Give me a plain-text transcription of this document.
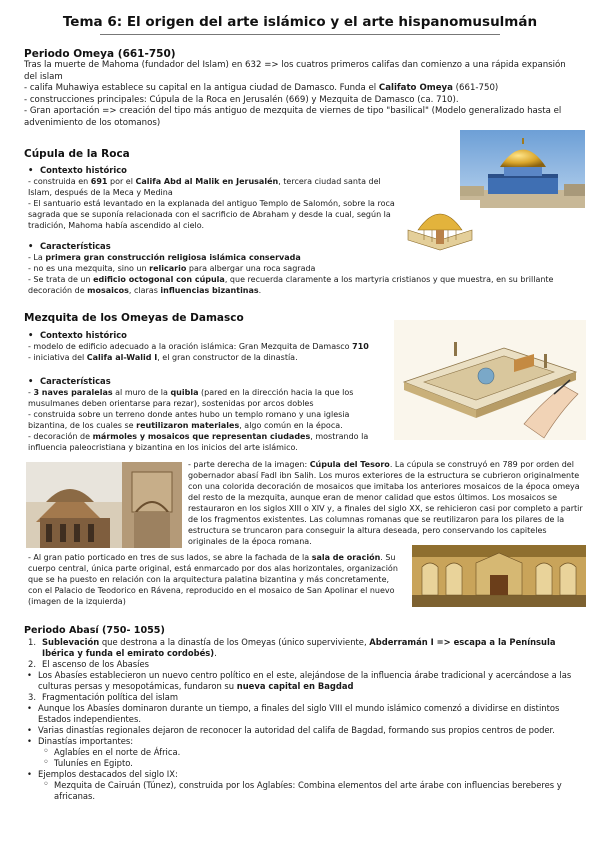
Tema 6: El origen del arte islámico y el arte hispanomusulmán
Periodo Omeya (661-750)
Tras la muerte de Mahoma (fundador del Islam) en 632 => los cuatros primeros califas dan comienzo a una rápida expansión del islam
- califa Muhawiya establece su capital en la antigua ciudad de Damasco. Funda el Califato Omeya (661-750)
- construcciones principales: Cúpula de la Roca en Jerusalén (669) y Mezquita de Damasco (ca. 710).
- Gran aportación => creación del tipo más antiguo de mezquita de viernes de tipo "basilical" (Modelo generalizado hasta el advenimiento de los otomanos)
Cúpula de la Roca
• Contexto histórico
- construida en 691 por el Califa Abd al Malik en Jerusalén, tercera ciudad santa del Islam, después de la Meca y Medina
- El santuario está levantado en la explanada del antiguo Templo de Salomón, sobre la roca sagrada que se suponía relacionada con el sacrificio de Abraham y desde la cual, según la tradición, Mahoma había ascendido al cielo.
• Características
- La primera gran construcción religiosa islámica conservada
- no es una mezquita, sino un relicario para albergar una roca sagrada
- Se trata de un edificio octogonal con cúpula, que recuerda claramente a los martyria cristianos y que muestra, en su brillante decoración de mosaicos, claras influencias bizantinas.
Mezquita de los Omeyas de Damasco
• Contexto histórico
- modelo de edificio adecuado a la oración islámica: Gran Mezquita de Damasco 710
- iniciativa del Califa al-Walid I, el gran constructor de la dinastía.
• Características
- 3 naves paralelas al muro de la quibla (pared en la dirección hacia la que los musulmanes deben orientarse para rezar), sostenidas por arcos dobles
- construida sobre un terreno donde antes hubo un templo romano y una iglesia bizantina, de los cuales se reutilizaron materiales, algo común en la época.
- decoración de mármoles y mosaicos que representan ciudades, mostrando la influencia paleocristiana y bizantina en los inicios del arte islámico.
- parte derecha de la imagen: Cúpula del Tesoro. La cúpula se construyó en 789 por orden del gobernador abasí Fadl ibn Salih. Los muros exteriores de la estructura se cubrieron originalmente con una colorida decoración de mosaicos que imitaba los anteriores mosaicos de la época omeya del resto de la mezquita, aunque eran de menor calidad que estos últimos. Los mosaicos se restauraron en los siglos XIII o XIV y, a finales del siglo XX, se rehicieron casi por completo a partir de los fragmentos existentes. Las columnas romanas que se reutilizaron para los pilares de la estructura se truncaron para conseguir la altura deseada, pero conservando los capiteles originales de la época romana.
- Al gran patio porticado en tres de sus lados, se abre la fachada de la sala de oración. Su cuerpo central, única parte original, está enmarcado por dos alas horizontales, organización que se ha puesto en relación con la arquitectura palatina bizantina y más concretamente, con el Palacio de Teodorico en Rávena, reproducido en el mosaico de San Apolinar el nuevo (imagen de la izquierda)
Periodo Abasí (750- 1055)
1. Sublevación que destrona a la dinastía de los Omeyas (único superviviente, Abderramán I => escapa a la Península Ibérica y funda el emirato cordobés).
2. El ascenso de los Abasíes
• Los Abasíes establecieron un nuevo centro político en el este, alejándose de la influencia árabe tradicional y acercándose a las culturas persas y mesopotámicas, fundaron su nueva capital en Bagdad
3. Fragmentación política del islam
• Aunque los Abasíes dominaron durante un tiempo, a finales del siglo VIII el mundo islámico comenzó a dividirse en distintos Estados independientes.
• Varias dinastías regionales dejaron de reconocer la autoridad del califa de Bagdad, formando sus propios centros de poder.
• Dinastías importantes:
◦ Aglabíes en el norte de África.
◦ Tuluníes en Egipto.
• Ejemplos destacados del siglo IX:
◦ Mezquita de Cairuán (Túnez), construida por los Aglabíes: Combina elementos del arte árabe con influencias bereberes y africanas.
